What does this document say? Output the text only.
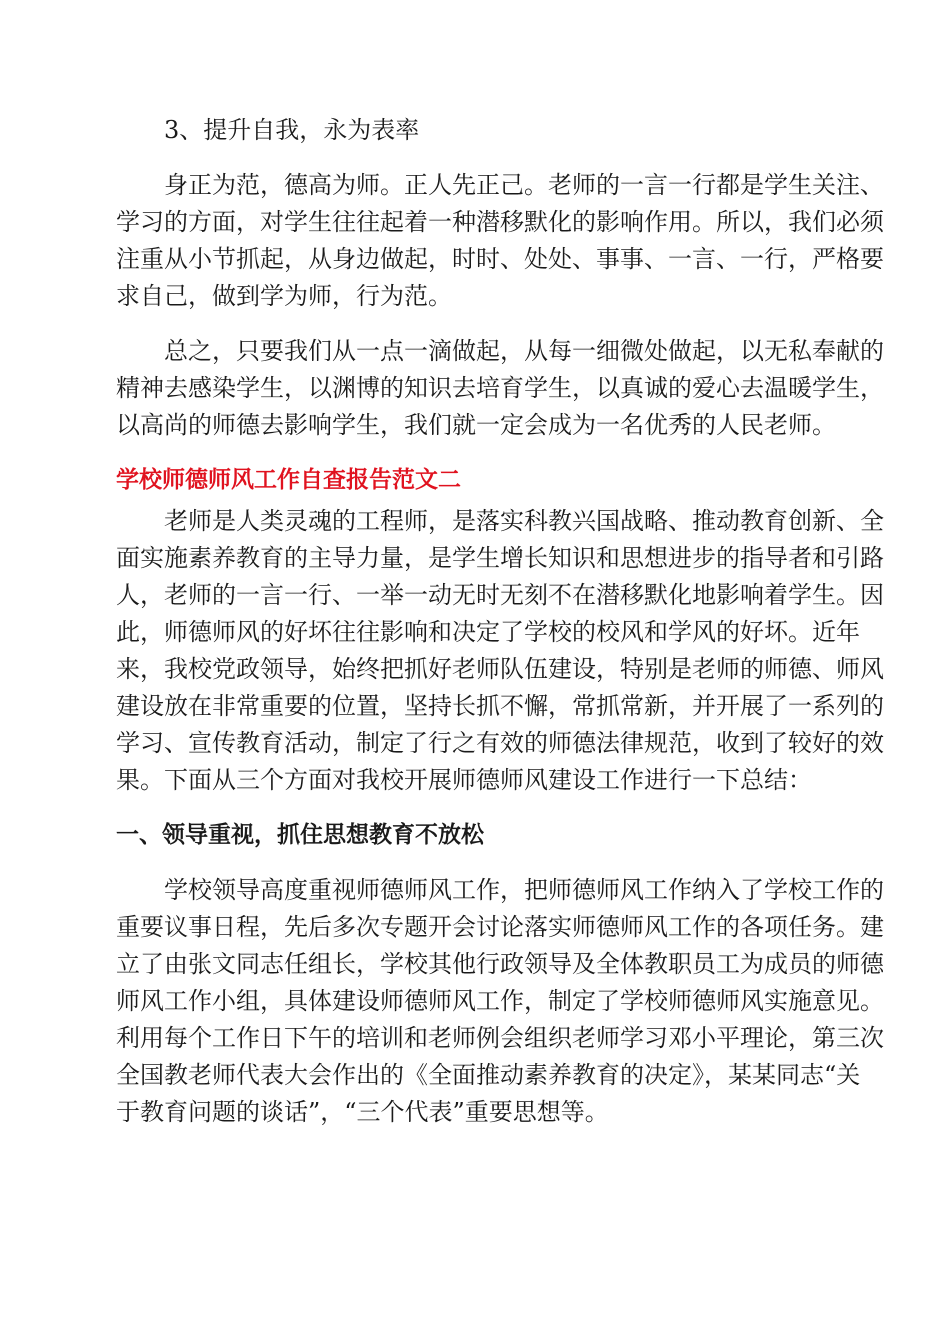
3、提升自我，永为表率
身正为范，德高为师。正人先正己。老师的一言一行都是学生关注、
学习的方面，对学生往往起着一种潜移默化的影响作用。所以，我们必须
注重从小节抓起，从身边做起，时时、处处、事事、一言、一行，严格要
求自己，做到学为师，行为范。
总之，只要我们从一点一滴做起，从每一细微处做起，以无私奉献的
精神去感染学生，以渊博的知识去培育学生，以真诚的爱心去温暖学生，
以高尚的师德去影响学生，我们就一定会成为一名优秀的人民老师。
学校师德师风工作自查报告范文二
老师是人类灵魂的工程师，是落实科教兴国战略、推动教育创新、全
面实施素养教育的主导力量，是学生增长知识和思想进步的指导者和引路
人，老师的一言一行、一举一动无时无刻不在潜移默化地影响着学生。因
此，师德师风的好坏往往影响和决定了学校的校风和学风的好坏。近年
来，我校党政领导，始终把抓好老师队伍建设，特别是老师的师德、师风
建设放在非常重要的位置，坚持长抓不懈，常抓常新，并开展了一系列的
学习、宣传教育活动，制定了行之有效的师德法律规范，收到了较好的效
果。下面从三个方面对我校开展师德师风建设工作进行一下总结：
一、领导重视，抓住思想教育不放松
学校领导高度重视师德师风工作，把师德师风工作纳入了学校工作的
重要议事日程，先后多次专题开会讨论落实师德师风工作的各项任务。建
立了由张文同志任组长，学校其他行政领导及全体教职员工为成员的师德
师风工作小组，具体建设师德师风工作，制定了学校师德师风实施意见。
利用每个工作日下午的培训和老师例会组织老师学习邓小平理论，第三次
全国教老师代表大会作出的《全面推动素养教育的决定》，某某同志“关
于教育问题的谈话”，“三个代表”重要思想等。
